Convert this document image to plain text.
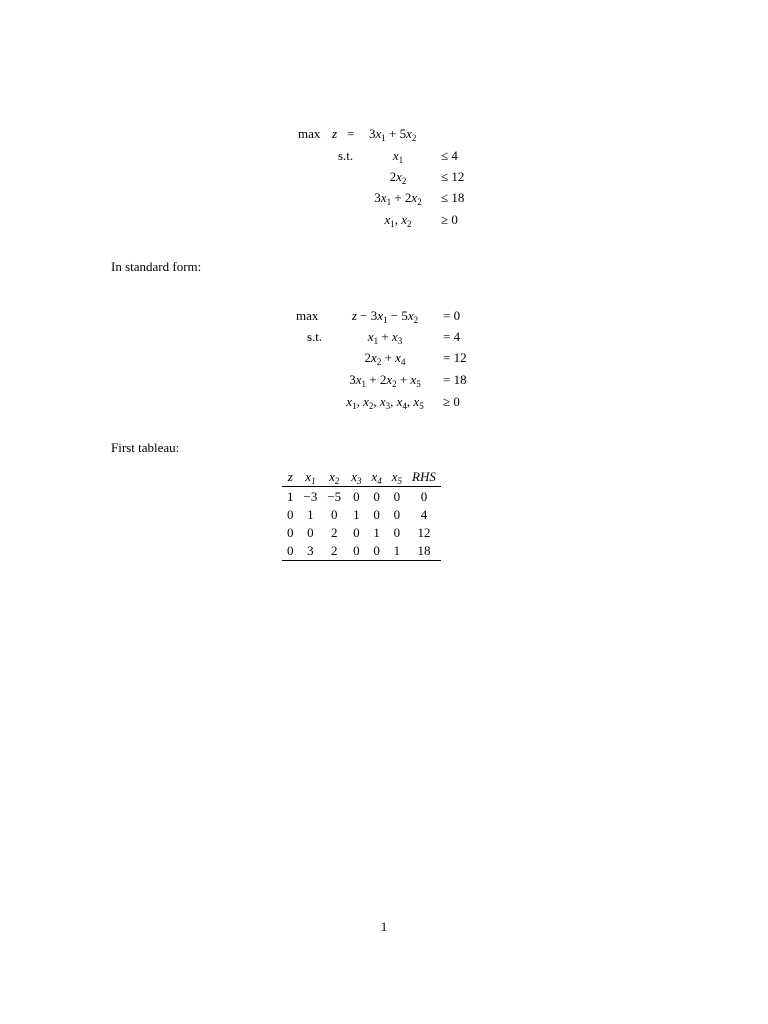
$\max z = 3x_1 + 5x_2$
s.t.	$x_1$	≤ 4
$2x_2$	≤ 12
$3x_1 + 2x_2 \le 18$
$x_1$, $x_2 \ge 0$
In standard form:
max	$z - 3x_1 - 5x_2 = 0$
s.t.	$x_1 + x_3$	= 4
$2x_2 + x_4$	= 12
$3x_1 + 2x_2 + x_5 = 18$
$x_1$, $x_2$, $x_3$, $x_4$, $x_5 \ge 0$
First tableau:
z	$x_1$	$x_2$	$x_3$	$x_4$	$x_5$	RHS
1	−3	−5	0	0	0	0
0	1	0	1	0	0	4
0	0	2	0	1	0	12
0	3	2	0	0	1	18
1
